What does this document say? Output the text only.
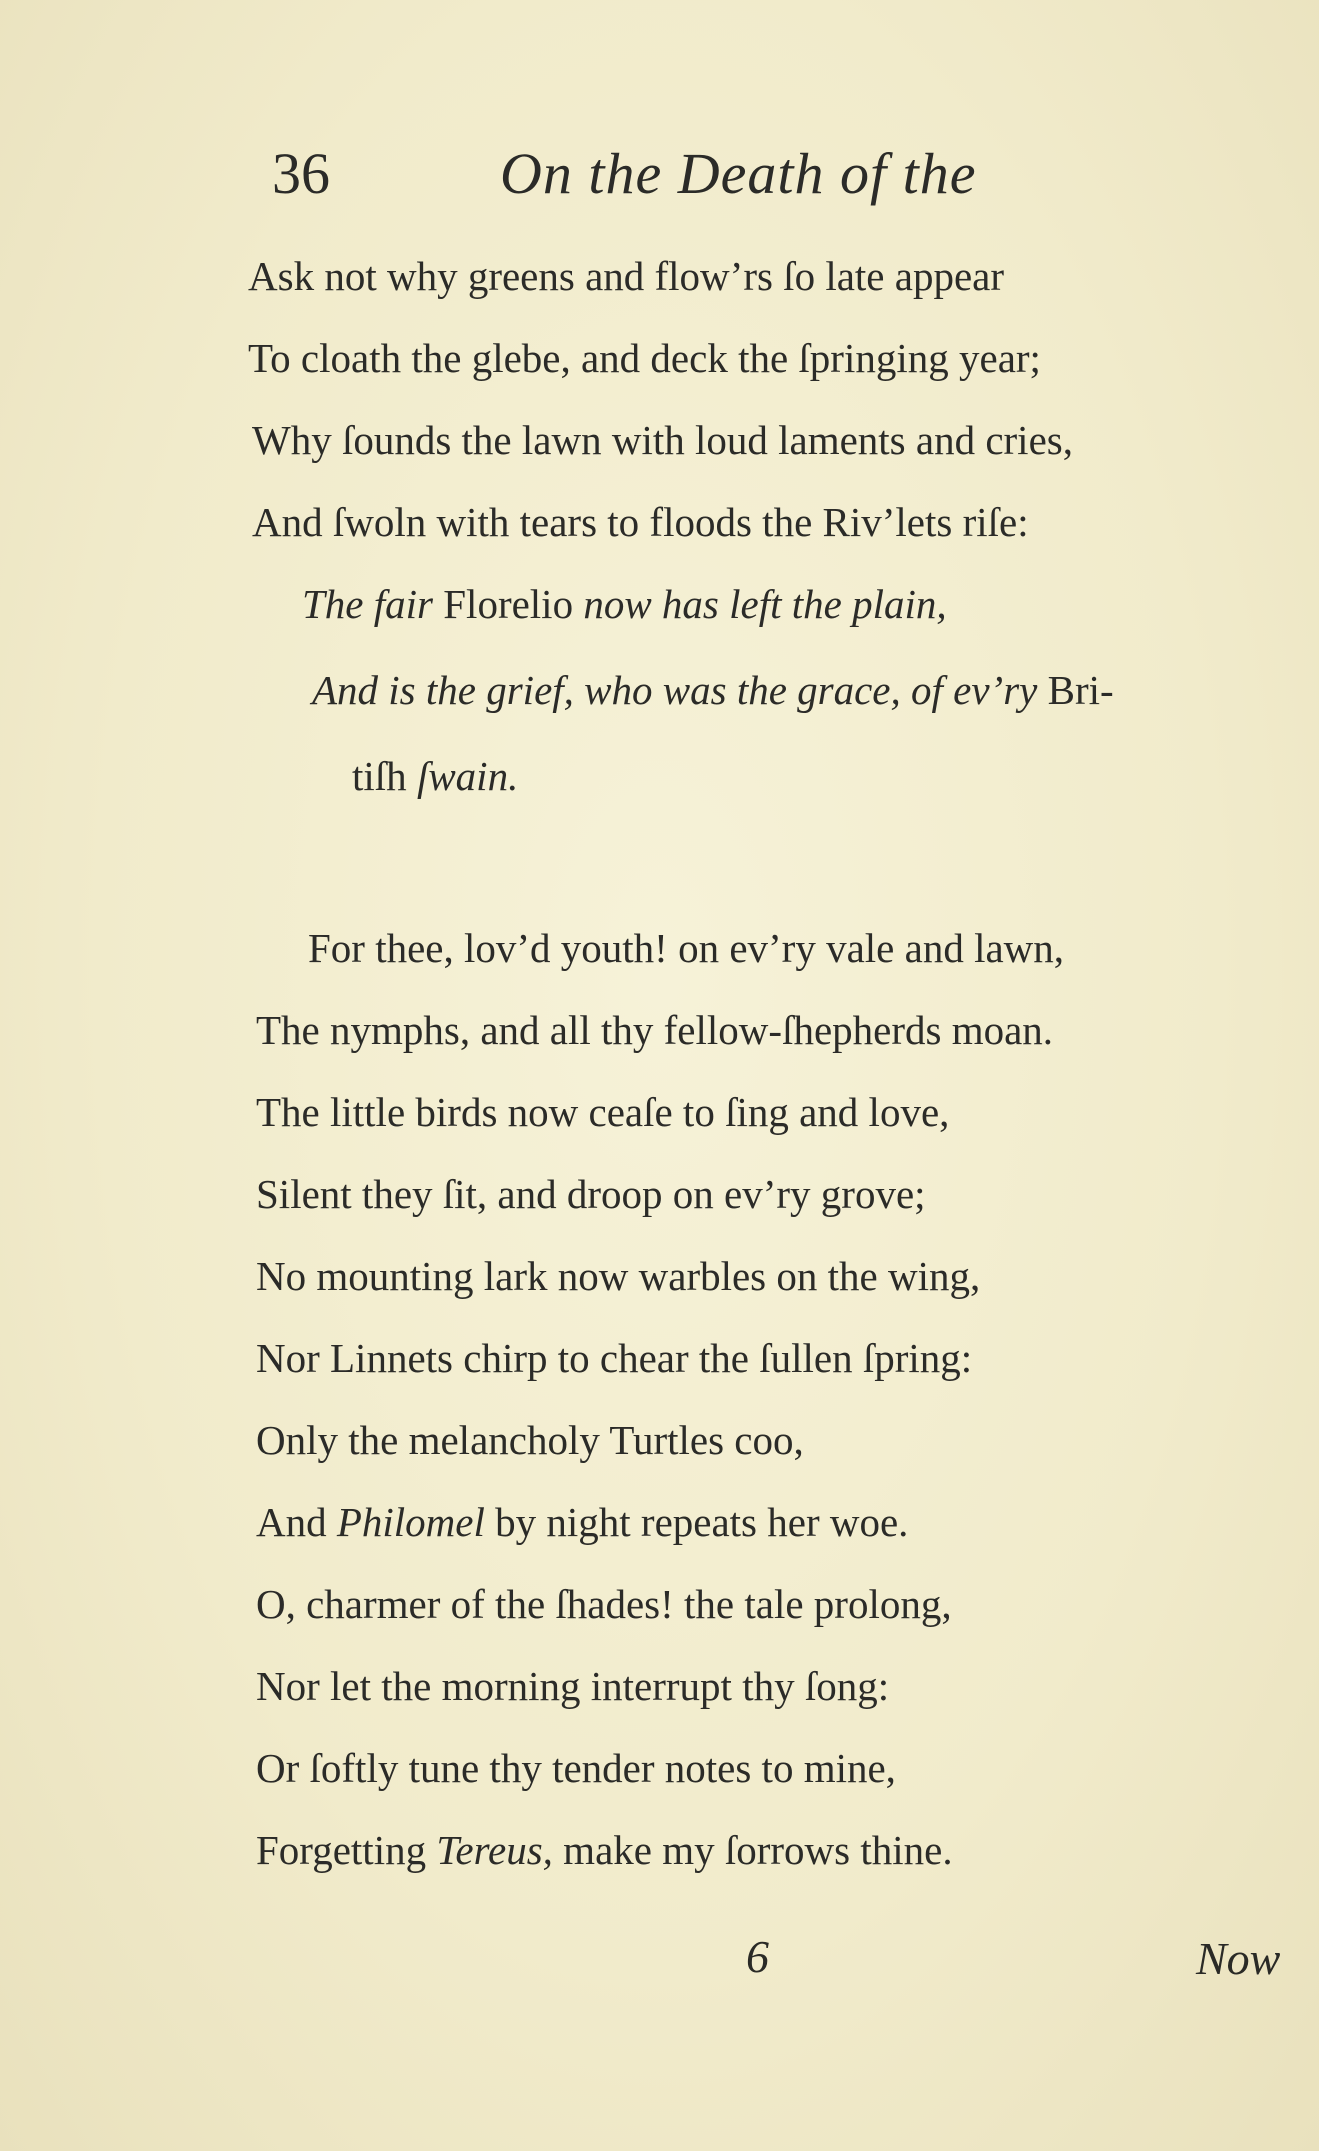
36	On the Death of the
Ask not why greens and flow’rs ſo late appear
To cloath the glebe, and deck the ſpringing year;
Why ſounds the lawn with loud laments and cries,
And ſwoln with tears to floods the Riv’lets riſe:
The fair Florelio now has left the plain,
And is the grief, who was the grace, of ev’ry Bri-
tiſh ſwain.
For thee, lov’d youth! on ev’ry vale and lawn,
The nymphs, and all thy fellow-ſhepherds moan.
The little birds now ceaſe to ſing and love,
Silent they ſit, and droop on ev’ry grove;
No mounting lark now warbles on the wing,
Nor Linnets chirp to chear the ſullen ſpring:
Only the melancholy Turtles coo,
And Philomel by night repeats her woe.
O, charmer of the ſhades! the tale prolong,
Nor let the morning interrupt thy ſong:
Or ſoftly tune thy tender notes to mine,
Forgetting Tereus, make my ſorrows thine.
6	Now
